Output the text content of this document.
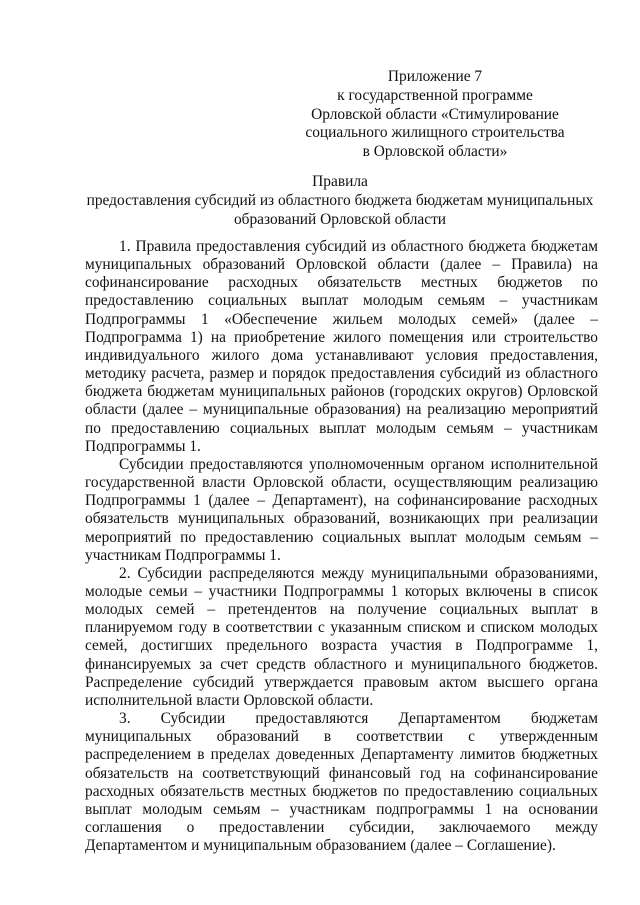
Приложение 7
к государственной программе
Орловской области «Стимулирование
социального жилищного строительства
в Орловской области»
Правила
предоставления субсидий из областного бюджета бюджетам муниципальных
образований Орловской области

1. Правила предоставления субсидий из областного бюджета бюджетам муниципальных образований Орловской области (далее – Правила) на софинансирование расходных обязательств местных бюджетов по предоставлению социальных выплат молодым семьям – участникам Подпрограммы 1 «Обеспечение жильем молодых семей» (далее – Подпрограмма 1) на приобретение жилого помещения или строительство индивидуального жилого дома устанавливают условия предоставления, методику расчета, размер и порядок предоставления субсидий из областного бюджета бюджетам муниципальных районов (городских округов) Орловской области (далее – муниципальные образования) на реализацию мероприятий по предоставлению социальных выплат молодым семьям – участникам Подпрограммы 1.

Субсидии предоставляются уполномоченным органом исполнительной государственной власти Орловской области, осуществляющим реализацию Подпрограммы 1 (далее – Департамент), на софинансирование расходных обязательств муниципальных образований, возникающих при реализации мероприятий по предоставлению социальных выплат молодым семьям – участникам Подпрограммы 1.

2. Субсидии распределяются между муниципальными образованиями, молодые семьи – участники Подпрограммы 1 которых включены в список молодых семей – претендентов на получение социальных выплат в планируемом году в соответствии с указанным списком и списком молодых семей, достигших предельного возраста участия в Подпрограмме 1, финансируемых за счет средств областного и муниципального бюджетов. Распределение субсидий утверждается правовым актом высшего органа исполнительной власти Орловской области.

3. Субсидии предоставляются Департаментом бюджетам муниципальных образований в соответствии с утвержденным распределением в пределах доведенных Департаменту лимитов бюджетных обязательств на соответствующий финансовый год на софинансирование расходных обязательств местных бюджетов по предоставлению социальных выплат молодым семьям – участникам подпрограммы 1 на основании соглашения о предоставлении субсидии, заключаемого между Департаментом и муниципальным образованием (далее – Соглашение).
